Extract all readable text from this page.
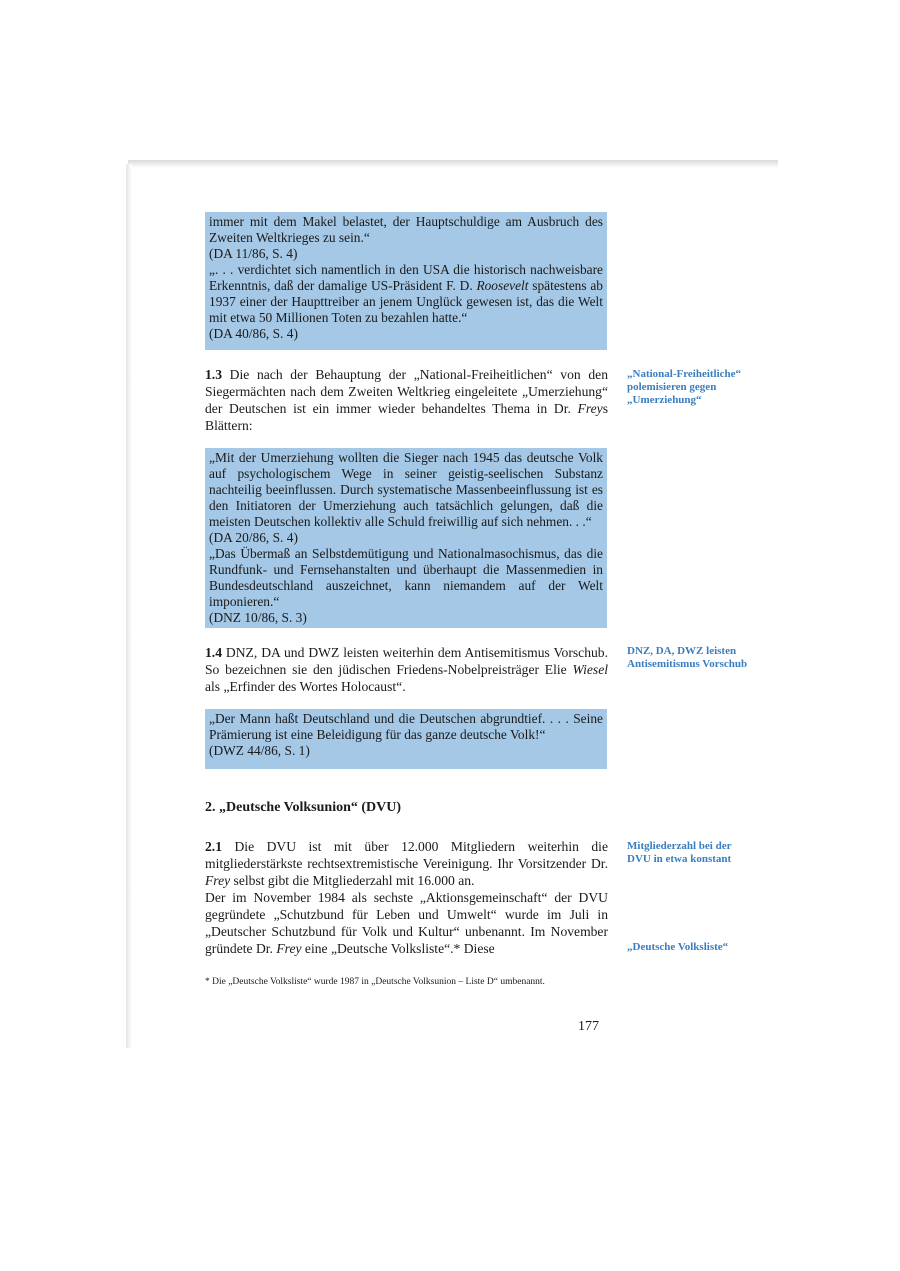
immer mit dem Makel belastet, der Hauptschuldige am Ausbruch des Zweiten Weltkrieges zu sein.“

(DA 11/86, S. 4)

„. . . verdichtet sich namentlich in den USA die historisch nachweisbare Erkenntnis, daß der damalige US-Präsident F. D. Roosevelt spätestens ab 1937 einer der Haupttreiber an jenem Unglück gewesen ist, das die Welt mit etwa 50 Millionen Toten zu bezahlen hatte.“

(DA 40/86, S. 4)

1.3 Die nach der Behauptung der „National-Freiheitlichen“ von den Siegermächten nach dem Zweiten Weltkrieg eingeleitete „Umerziehung“ der Deutschen ist ein immer wieder behandeltes Thema in Dr. Freys Blättern:

„National-Freiheitliche“ polemisieren gegen „Umerziehung“

„Mit der Umerziehung wollten die Sieger nach 1945 das deutsche Volk auf psychologischem Wege in seiner geistig-seelischen Substanz nachteilig beeinflussen. Durch systematische Massenbeeinflussung ist es den Initiatoren der Umerziehung auch tatsächlich gelungen, daß die meisten Deutschen kollektiv alle Schuld freiwillig auf sich nehmen. . .“

(DA 20/86, S. 4)

„Das Übermaß an Selbstdemütigung und Nationalmasochismus, das die Rundfunk- und Fernsehanstalten und überhaupt die Massenmedien in Bundesdeutschland auszeichnet, kann niemandem auf der Welt imponieren.“

(DNZ 10/86, S. 3)

1.4 DNZ, DA und DWZ leisten weiterhin dem Antisemitismus Vorschub. So bezeichnen sie den jüdischen Friedens-Nobelpreisträger Elie Wiesel als „Erfinder des Wortes Holocaust“.

DNZ, DA, DWZ leisten Antisemitismus Vorschub

„Der Mann haßt Deutschland und die Deutschen abgrundtief. . . . Seine Prämierung ist eine Beleidigung für das ganze deutsche Volk!“

(DWZ 44/86, S. 1)

2. „Deutsche Volksunion“ (DVU)

2.1 Die DVU ist mit über 12.000 Mitgliedern weiterhin die mitgliederstärkste rechtsextremistische Vereinigung. Ihr Vorsitzender Dr. Frey selbst gibt die Mitgliederzahl mit 16.000 an.

Der im November 1984 als sechste „Aktionsgemeinschaft“ der DVU gegründete „Schutzbund für Leben und Umwelt“ wurde im Juli in „Deutscher Schutzbund für Volk und Kultur“ unbenannt. Im November gründete Dr. Frey eine „Deutsche Volksliste“.* Diese

Mitgliederzahl bei der DVU in etwa konstant
„Deutsche Volksliste“
* Die „Deutsche Volksliste“ wurde 1987 in „Deutsche Volksunion – Liste D“ umbenannt.
177
